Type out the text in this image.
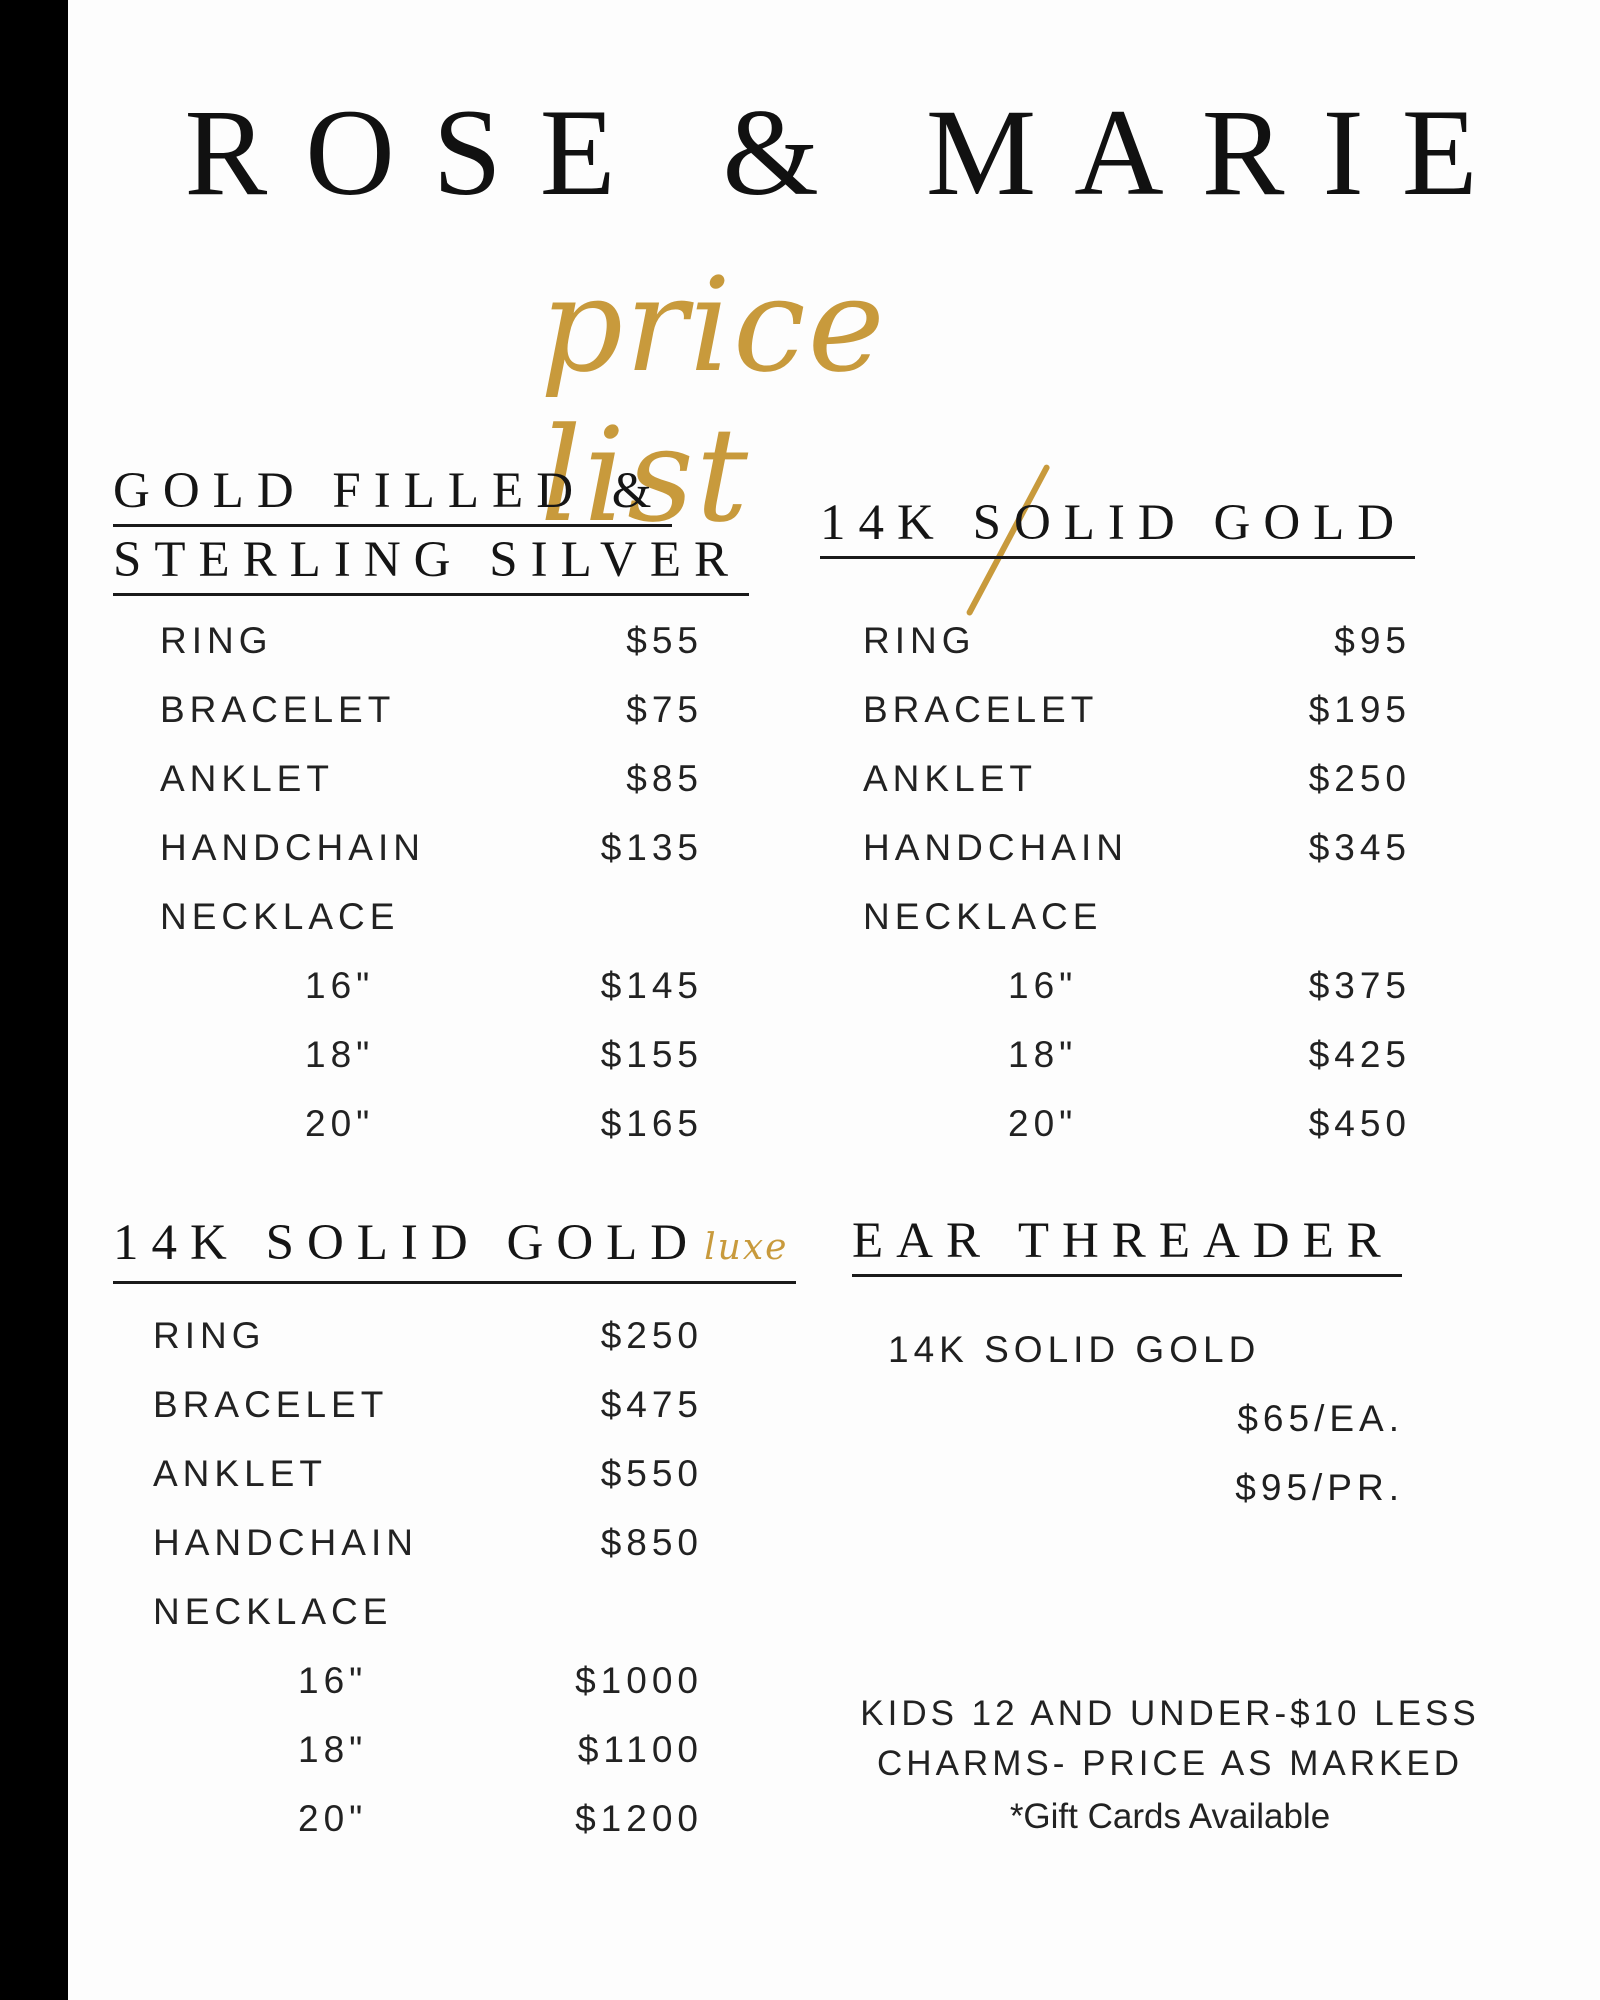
ROSE & MARIE
price list
GOLD FILLED &
STERLING SILVER
RING	$55
BRACELET	$75
ANKLET	$85
HANDCHAIN	$135
NECKLACE
16"	$145
18"	$155
20"	$165
14K SOLID GOLD
RING	$95
BRACELET	$195
ANKLET	$250
HANDCHAIN	$345
NECKLACE
16"	$375
18"	$425
20"	$450
14K SOLID GOLD luxe
RING	$250
BRACELET	$475
ANKLET	$550
HANDCHAIN	$850
NECKLACE
16"	$1000
18"	$1100
20"	$1200
EAR THREADER
14K SOLID GOLD
$65/EA.
$95/PR.
KIDS 12 AND UNDER-$10 LESS
CHARMS- PRICE AS MARKED
*Gift Cards Available
